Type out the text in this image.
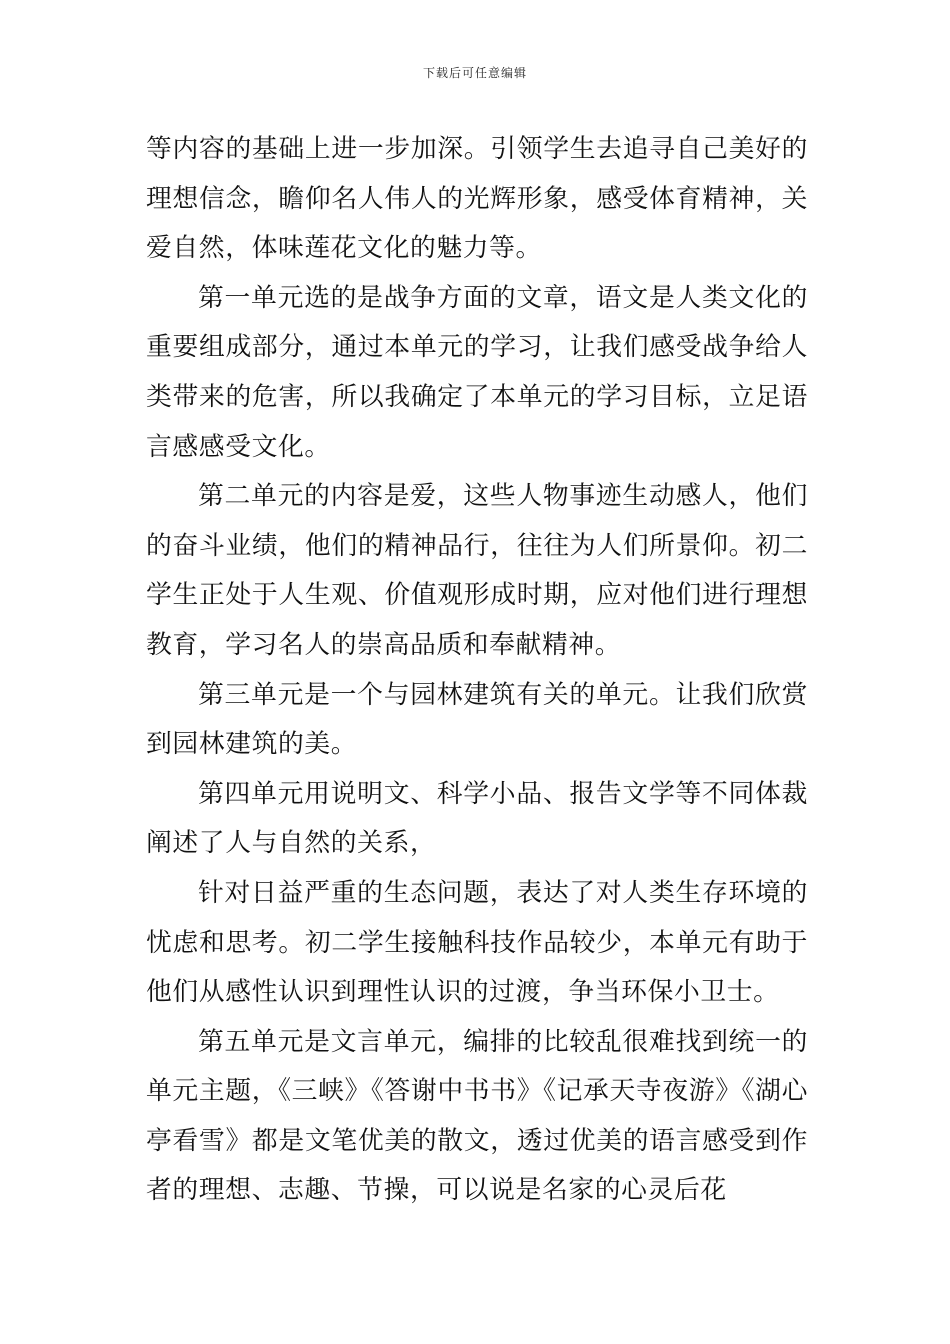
下载后可任意编辑

等内容的基础上进一步加深。引领学生去追寻自己美好的理想信念，瞻仰名人伟人的光辉形象，感受体育精神，关爱自然，体味莲花文化的魅力等。

第一单元选的是战争方面的文章，语文是人类文化的重要组成部分，通过本单元的学习，让我们感受战争给人类带来的危害，所以我确定了本单元的学习目标，立足语言感感受文化。

第二单元的内容是爱，这些人物事迹生动感人，他们的奋斗业绩，他们的精神品行，往往为人们所景仰。初二学生正处于人生观、价值观形成时期，应对他们进行理想教育，学习名人的崇高品质和奉献精神。

第三单元是一个与园林建筑有关的单元。让我们欣赏到园林建筑的美。

第四单元用说明文、科学小品、报告文学等不同体裁阐述了人与自然的关系，

针对日益严重的生态问题，表达了对人类生存环境的忧虑和思考。初二学生接触科技作品较少，本单元有助于他们从感性认识到理性认识的过渡，争当环保小卫士。

第五单元是文言单元，编排的比较乱很难找到统一的单元主题，《三峡》《答谢中书书》《记承天寺夜游》《湖心亭看雪》都是文笔优美的散文，透过优美的语言感受到作者的理想、志趣、节操，可以说是名家的心灵后花
